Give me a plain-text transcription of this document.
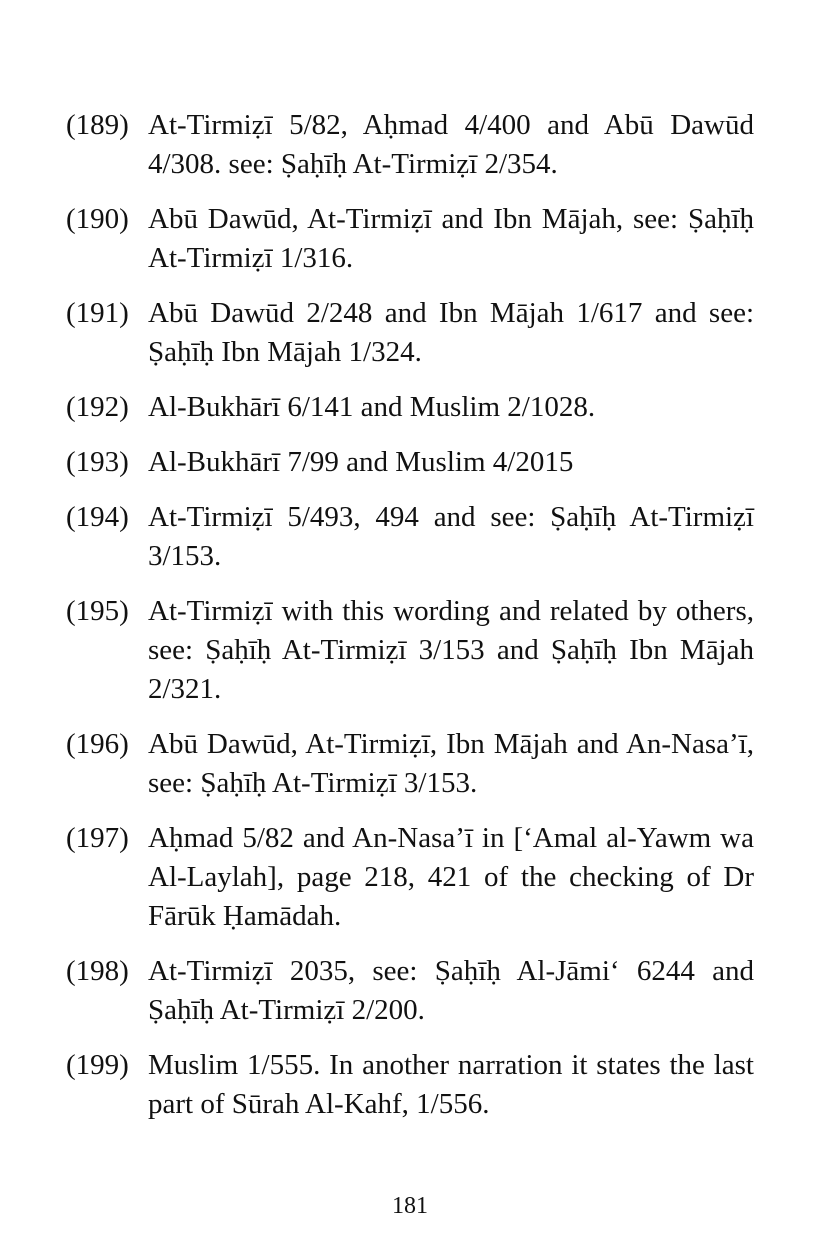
(189) At-Tirmiẓī 5/82, Aḥmad 4/400 and Abū Dawūd 4/308. see: Ṣaḥīḥ At-Tirmiẓī 2/354.
(190) Abū Dawūd, At-Tirmiẓī and Ibn Mājah, see: Ṣaḥīḥ At-Tirmiẓī 1/316.
(191) Abū Dawūd 2/248 and Ibn Mājah 1/617 and see: Ṣaḥīḥ Ibn Mājah 1/324.
(192) Al-Bukhārī 6/141 and Muslim 2/1028.
(193) Al-Bukhārī 7/99 and Muslim 4/2015
(194) At-Tirmiẓī 5/493, 494 and see: Ṣaḥīḥ At-Tirmiẓī 3/153.
(195) At-Tirmiẓī with this wording and related by others, see: Ṣaḥīḥ At-Tirmiẓī 3/153 and Ṣaḥīḥ Ibn Mājah 2/321.
(196) Abū Dawūd, At-Tirmiẓī, Ibn Mājah and An-Nasa’ī, see: Ṣaḥīḥ At-Tirmiẓī 3/153.
(197) Aḥmad 5/82 and An-Nasa’ī in [‘Amal al-Yawm wa Al-Laylah], page 218, 421 of the checking of Dr Fārūk Ḥamādah.
(198) At-Tirmiẓī 2035, see: Ṣaḥīḥ Al-Jāmi‘ 6244 and Ṣaḥīḥ At-Tirmiẓī 2/200.
(199) Muslim 1/555. In another narration it states the last part of Sūrah Al-Kahf, 1/556.
181
